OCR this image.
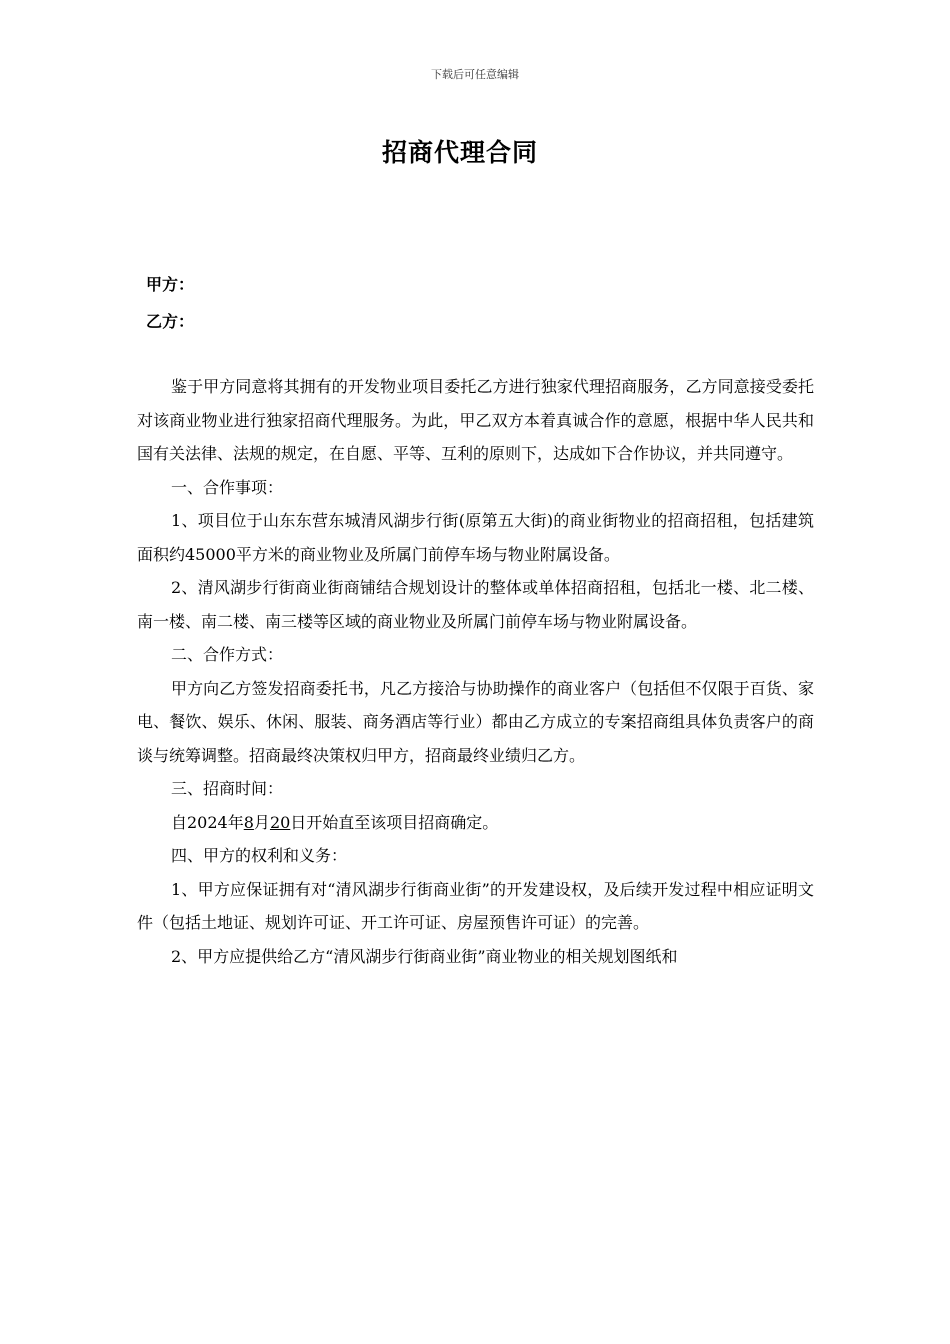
下载后可任意编辑
招商代理合同
甲方：
乙方：

鉴于甲方同意将其拥有的开发物业项目委托乙方进行独家代理招商服务，乙方同意接受委托对该商业物业进行独家招商代理服务。为此，甲乙双方本着真诚合作的意愿，根据中华人民共和国有关法律、法规的规定，在自愿、平等、互利的原则下，达成如下合作协议，并共同遵守。

一、合作事项：

1、项目位于山东东营东城清风湖步行街(原第五大街)的商业街物业的招商招租，包括建筑面积约45000平方米的商业物业及所属门前停车场与物业附属设备。

2、清风湖步行街商业街商铺结合规划设计的整体或单体招商招租，包括北一楼、北二楼、南一楼、南二楼、南三楼等区域的商业物业及所属门前停车场与物业附属设备。

二、合作方式：

甲方向乙方签发招商委托书，凡乙方接洽与协助操作的商业客户（包括但不仅限于百货、家电、餐饮、娱乐、休闲、服装、商务酒店等行业）都由乙方成立的专案招商组具体负责客户的商谈与统筹调整。招商最终决策权归甲方，招商最终业绩归乙方。

三、招商时间：

自2024年8月20日开始直至该项目招商确定。

四、甲方的权利和义务：

1、甲方应保证拥有对“清风湖步行街商业街”的开发建设权，及后续开发过程中相应证明文件（包括土地证、规划许可证、开工许可证、房屋预售许可证）的完善。

2、甲方应提供给乙方“清风湖步行街商业街”商业物业的相关规划图纸和
